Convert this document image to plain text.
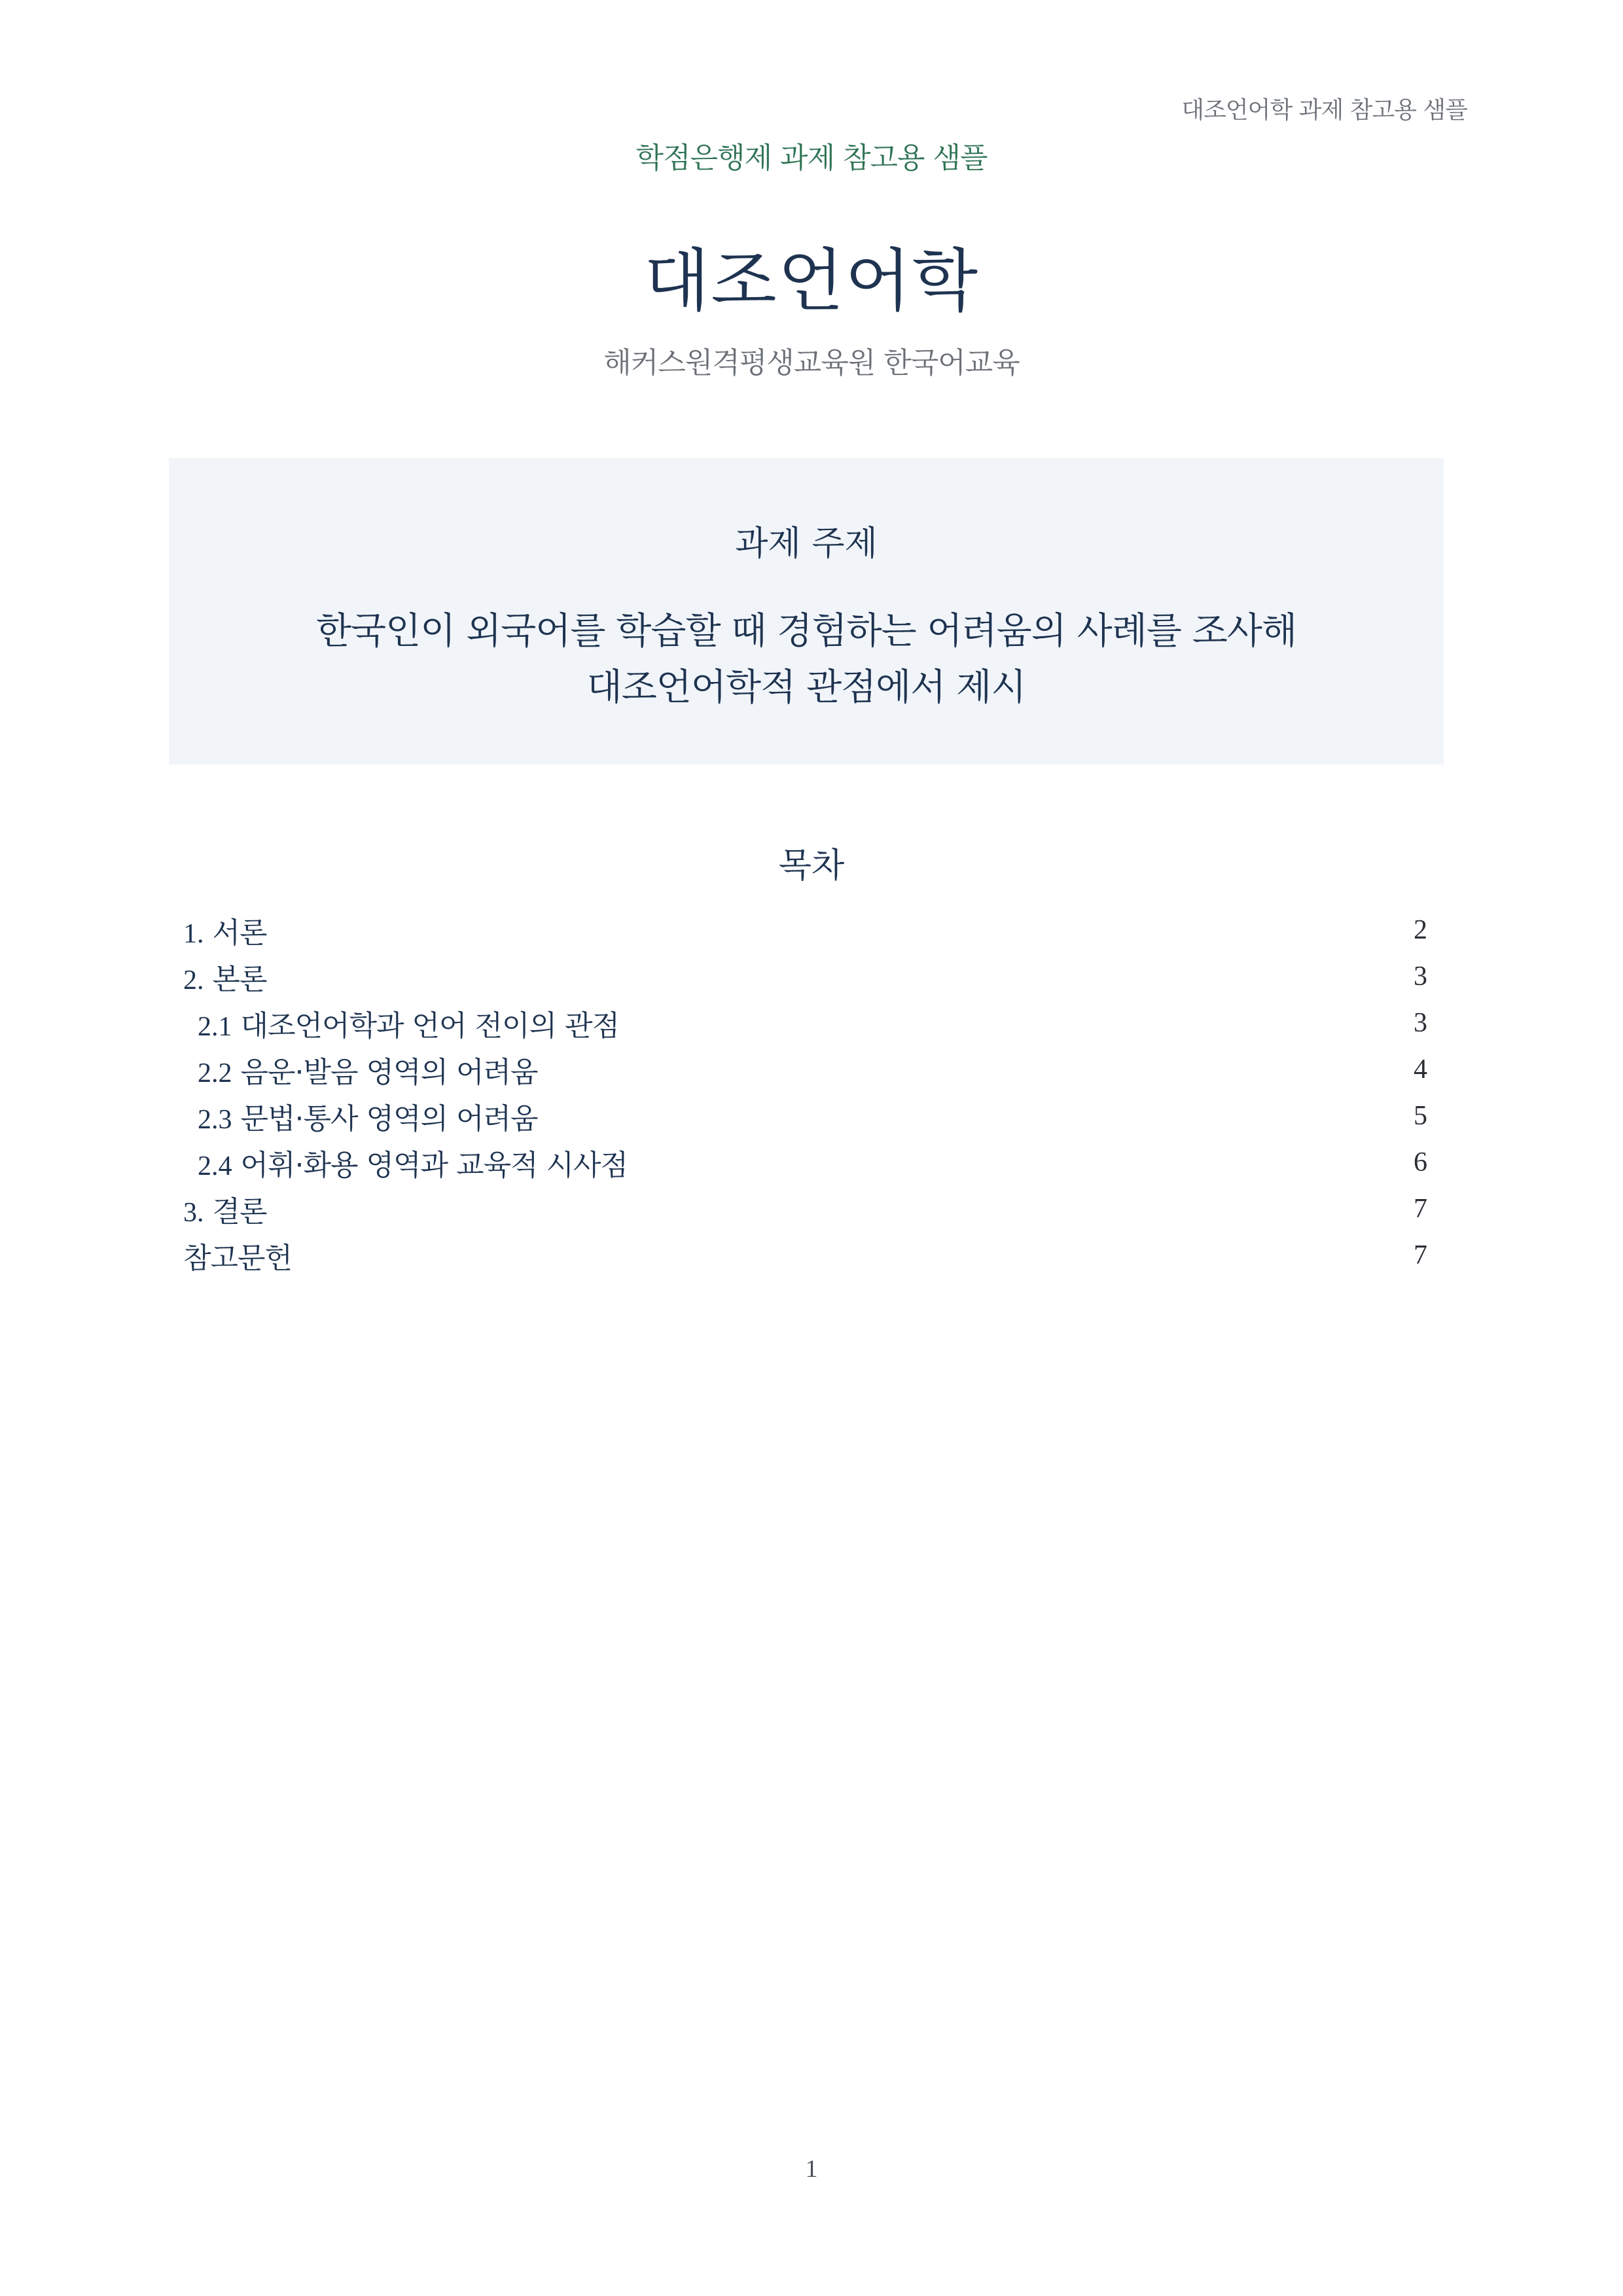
대조언어학 과제 참고용 샘플
학점은행제 과제 참고용 샘플
대조언어학
해커스원격평생교육원 한국어교육
과제 주제
한국인이 외국어를 학습할 때 경험하는 어려움의 사례를 조사해
대조언어학적 관점에서 제시
목차
1. 서론	2
2. 본론	3
2.1 대조언어학과 언어 전이의 관점	3
2.2 음운·발음 영역의 어려움	4
2.3 문법·통사 영역의 어려움	5
2.4 어휘·화용 영역과 교육적 시사점	6
3. 결론	7
참고문헌	7
1
